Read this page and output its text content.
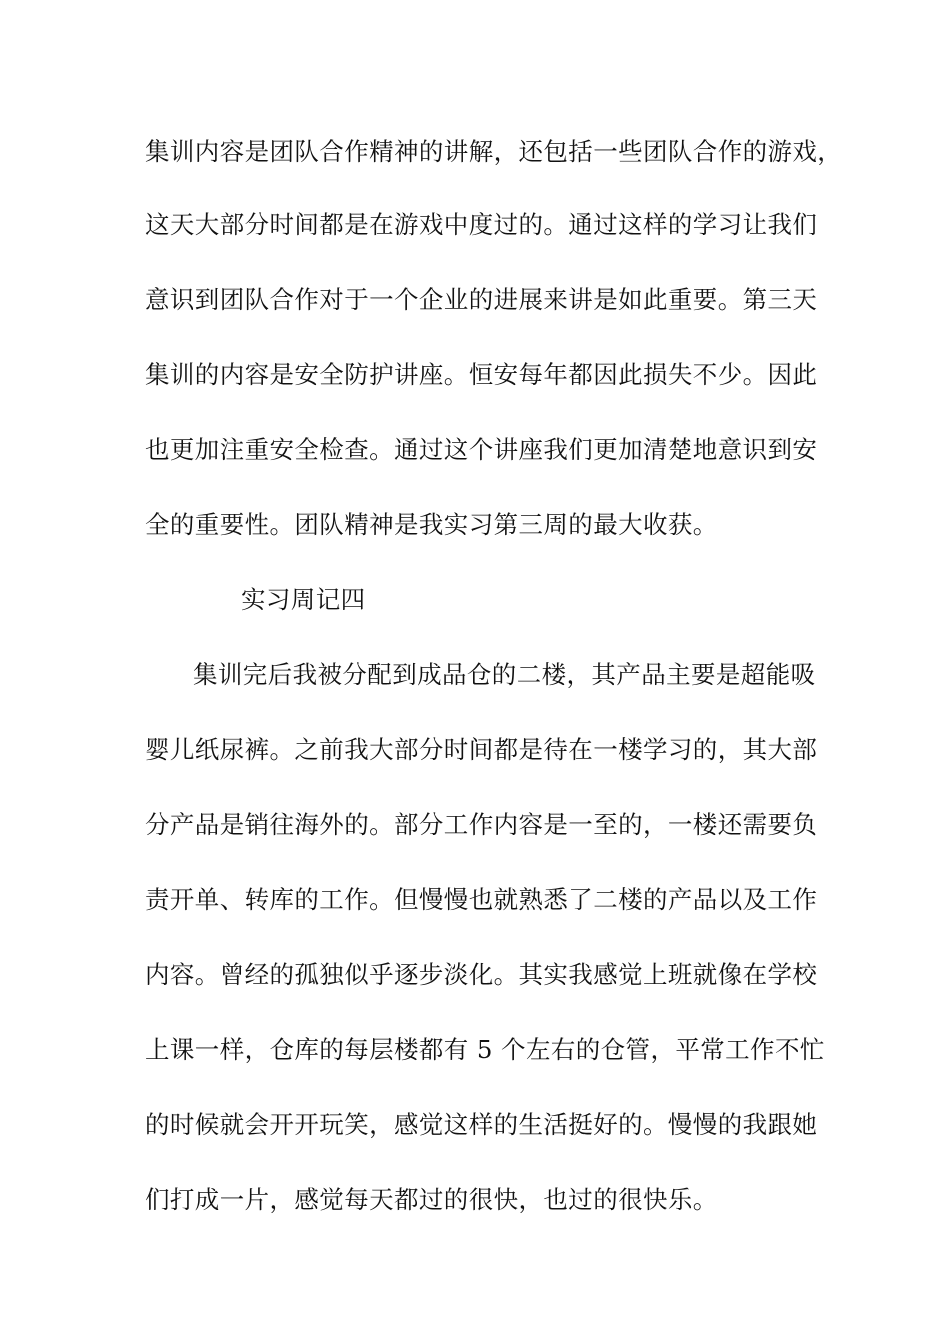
集训内容是团队合作精神的讲解，还包括一些团队合作的游戏，
这天大部分时间都是在游戏中度过的。通过这样的学习让我们
意识到团队合作对于一个企业的进展来讲是如此重要。第三天
集训的内容是安全防护讲座。恒安每年都因此损失不少。因此
也更加注重安全检查。通过这个讲座我们更加清楚地意识到安
全的重要性。团队精神是我实习第三周的最大收获。
实习周记四
集训完后我被分配到成品仓的二楼，其产品主要是超能吸
婴儿纸尿裤。之前我大部分时间都是待在一楼学习的，其大部
分产品是销往海外的。部分工作内容是一至的，一楼还需要负
责开单、转库的工作。但慢慢也就熟悉了二楼的产品以及工作
内容。曾经的孤独似乎逐步淡化。其实我感觉上班就像在学校
上课一样，仓库的每层楼都有 5 个左右的仓管，平常工作不忙
的时候就会开开玩笑，感觉这样的生活挺好的。慢慢的我跟她
们打成一片，感觉每天都过的很快，也过的很快乐。
